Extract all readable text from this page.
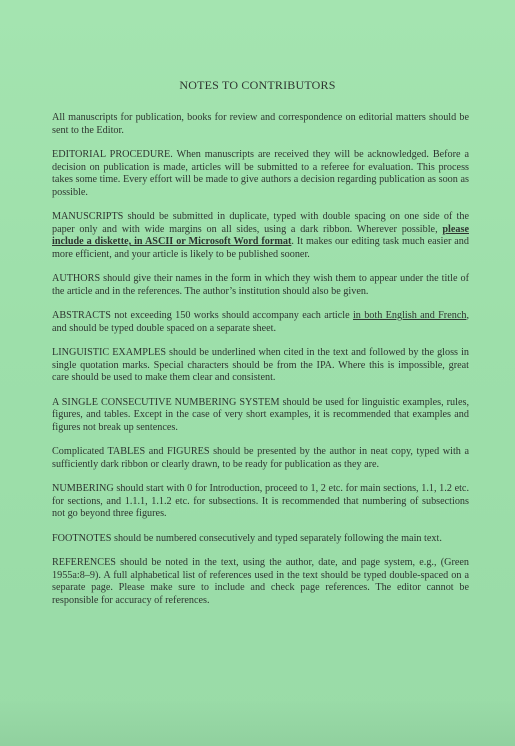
NOTES TO CONTRIBUTORS

All manuscripts for publication, books for review and correspondence on editorial matters should be sent to the Editor.

EDITORIAL PROCEDURE. When manuscripts are received they will be acknowledged. Before a decision on publication is made, articles will be submitted to a referee for evaluation. This process takes some time. Every effort will be made to give authors a decision regarding publication as soon as possible.

MANUSCRIPTS should be submitted in duplicate, typed with double spacing on one side of the paper only and with wide margins on all sides, using a dark ribbon. Wherever possible, please include a diskette, in ASCII or Microsoft Word format. It makes our editing task much easier and more efficient, and your article is likely to be published sooner.

AUTHORS should give their names in the form in which they wish them to appear under the title of the article and in the references. The author’s institution should also be given.

ABSTRACTS not exceeding 150 works should accompany each article in both English and French, and should be typed double spaced on a separate sheet.

LINGUISTIC EXAMPLES should be underlined when cited in the text and followed by the gloss in single quotation marks. Special characters should be from the IPA. Where this is impossible, great care should be used to make them clear and consistent.

A SINGLE CONSECUTIVE NUMBERING SYSTEM should be used for linguistic examples, rules, figures, and tables. Except in the case of very short examples, it is recommended that examples and figures not break up sentences.

Complicated TABLES and FIGURES should be presented by the author in neat copy, typed with a sufficiently dark ribbon or clearly drawn, to be ready for publication as they are.

NUMBERING should start with 0 for Introduction, proceed to 1, 2 etc. for main sections, 1.1, 1.2 etc. for sections, and 1.1.1, 1.1.2 etc. for subsections. It is recommended that numbering of subsections not go beyond three figures.

FOOTNOTES should be numbered consecutively and typed separately following the main text.

REFERENCES should be noted in the text, using the author, date, and page system, e.g., (Green 1955a:8–9). A full alphabetical list of references used in the text should be typed double-spaced on a separate page. Please make sure to include and check page references. The editor cannot be responsible for accuracy of references.
